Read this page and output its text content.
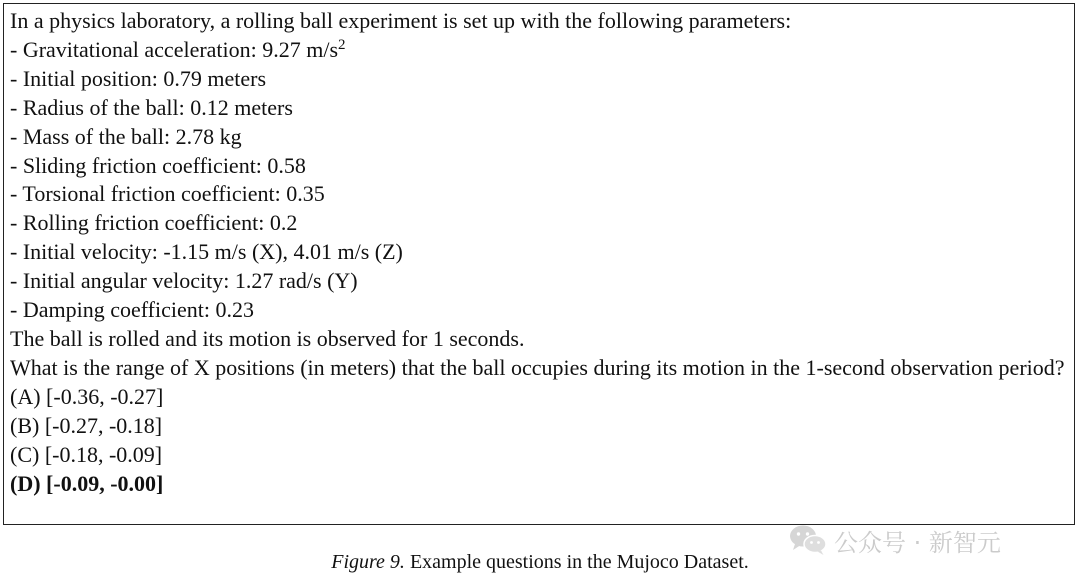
In a physics laboratory, a rolling ball experiment is set up with the following parameters:
- Gravitational acceleration: 9.27 $m/s^2$
- Initial position: 0.79 meters
- Radius of the ball: 0.12 meters
- Mass of the ball: 2.78 kg
- Sliding friction coefficient: 0.58
- Torsional friction coefficient: 0.35
- Rolling friction coefficient: 0.2
- Initial velocity: -1.15 m/s (X), 4.01 m/s (Z)
- Initial angular velocity: 1.27 rad/s (Y)
- Damping coefficient: 0.23
The ball is rolled and its motion is observed for 1 seconds.
What is the range of X positions (in meters) that the ball occupies during its motion in the 1-second observation period?
(A) [-0.36, -0.27]
(B) [-0.27, -0.18]
(C) [-0.18, -0.09]
(D) [-0.09, -0.00]
公众号 · 新智元
Figure 9. Example questions in the Mujoco Dataset.
